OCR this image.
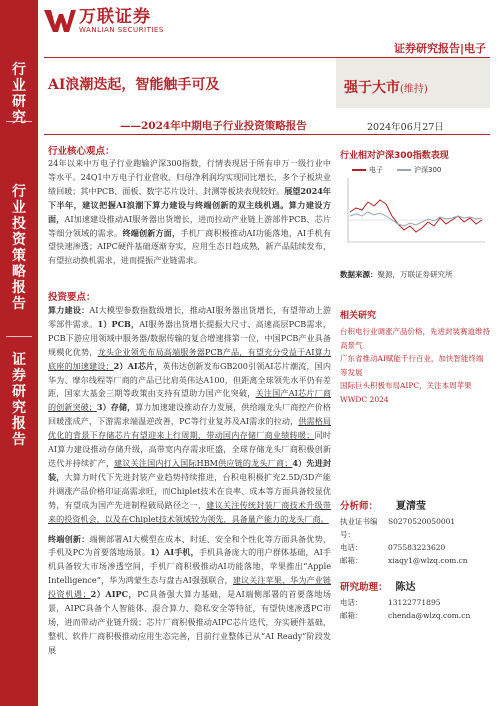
行
业
研
究
行
业
投
资
策
略
报
告
证
券
研
究
报
告
万联证券
WANLIAN SECURITIES
证券研究报告|电子
AI浪潮迭起，智能触手可及	强于大市(维持)
——2024年中期电子行业投资策略报告	2024年06月27日
行业核心观点：
24年以来中万电子行业跑输沪深300指数，行情表现居于所有申万一级行业中等水平。24Q1中万电子行业营收、归母净利润均实现同比增长，多个子板块业绩回暖；其中PCB、面板、数字芯片设计、封测等板块表现较好。展望2024年下半年，建议把握AI浪潮下算力建设与终端创新的双主线机遇。算力建设方面，AI加速建设推动AI服务器出货增长，进而拉动产业链上游部件PCB、芯片等细分领域的需求。终端创新方面，手机厂商积极推动AI功能落地，AI手机有望快速渗透；AIPC硬件基础逐渐夯实，应用生态日趋成熟，新产品陆续发布，有望拉动换机需求，进而提振产业链需求。
投资要点：
算力建设：AI大模型参数指数级增长，推动AI服务器出货增长，有望带动上游零部件需求。1）PCB，AI服务器出货增长提振大尺寸、高速高层PCB需求，PCB下游应用领域中服务器/数据传输的复合增速排第一位，中国PCB产业具备规模化优势，龙头企业领先布局高端服务器PCB产品，有望充分受益于AI算力底座的加速建设；2）AI芯片，英伟达创新发布GB200引领AI芯片潮流，国内华为、摩尔线程等厂商的产品已比肩英伟达A100，但距离全球领先水平仍有差距，国家大基金三期等政策由支持有望助力国产化突破，关注国产AI芯片厂商的创新突破；3）存储，算力加速建设推动存力发展，供给端龙头厂商控产价格回暖涨成产，下游需求端温逆改善，PC等行业复苏及AI需求的拉动，供需格局优化的背景下存储芯片有望迎来上行周期，带动国内存储厂商业绩转暖；同时AI算力建设推动存储升级，高带宽内存需求旺盛，全球存储龙头厂商积极创新迭代并持续扩产，建议关注国内打入国际HBM供应链的龙头厂商；4）先进封装，大算力时代下先进封装产业趋势持续推进，台积电积极扩充2.5D/3D产能并调涨产品价格印证高需求旺，而Chiplet技术在良率、成本等方面具备较显优势，有望成为国产先进制程破局路径之一，建议关注传统封装厂商技术升级带来的投资机会，以及在Chiplet技术领域较为领先，具备量产能力的龙头厂商。
终端创新：端侧部署AI大模型在成本、时延、安全和个性化等方面具备优势，手机及PC为首要落地场景。1）AI手机，手机具备庞大的用户群体基础，AI手机具备较大市场渗透空间，手机厂商积极推动AI功能落地，苹果推出“Apple Intelligence”，华为鸿蒙生态与盘古AI强强联合，建议关注苹果、华为产业链投资机遇；2）AIPC，PC具备强大算力基础，是AI端侧部署的首要落地场景，AIPC具备个人智能体、混合算力、隐私安全等特征，有望快速渗透PC市场，进而带动产业链升级；芯片厂商积极推动AIPC芯片迭代，夯实硬件基础，整机、软件厂商积极推动应用生态完善，目前行业整体已从“AI Ready”阶段发展
行业相对沪深300指数表现
电子	沪深300
数据来源：聚源，万联证券研究所
相关研究
台积电行业调涨产品价格，先进封装赛道维持高景气
广东省推动AI赋能千行百业，加快智能终端等发展
国际巨头积极布局AIPC，关注本周苹果WWDC 2024
分析师： 夏清莹
执业证书编号：
S0270520050001
电话：	075583223620
邮箱：	xiaqy1@wlzq.com.cn
研究助理： 陈达
电话：	13122771895
邮箱：	chenda@wlzq.com.cn
